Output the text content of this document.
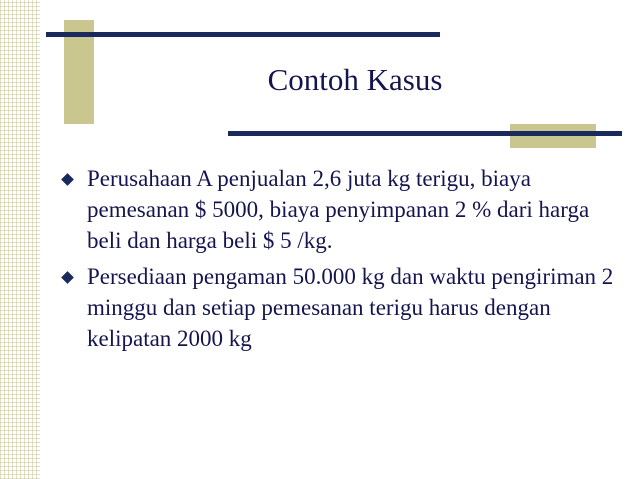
Contoh Kasus
Perusahaan A penjualan 2,6 juta kg terigu, biaya pemesanan $ 5000, biaya penyimpanan 2 % dari harga beli dan harga beli $ 5 /kg.
Persediaan pengaman 50.000 kg dan waktu pengiriman 2 minggu dan setiap pemesanan terigu harus dengan kelipatan 2000 kg
